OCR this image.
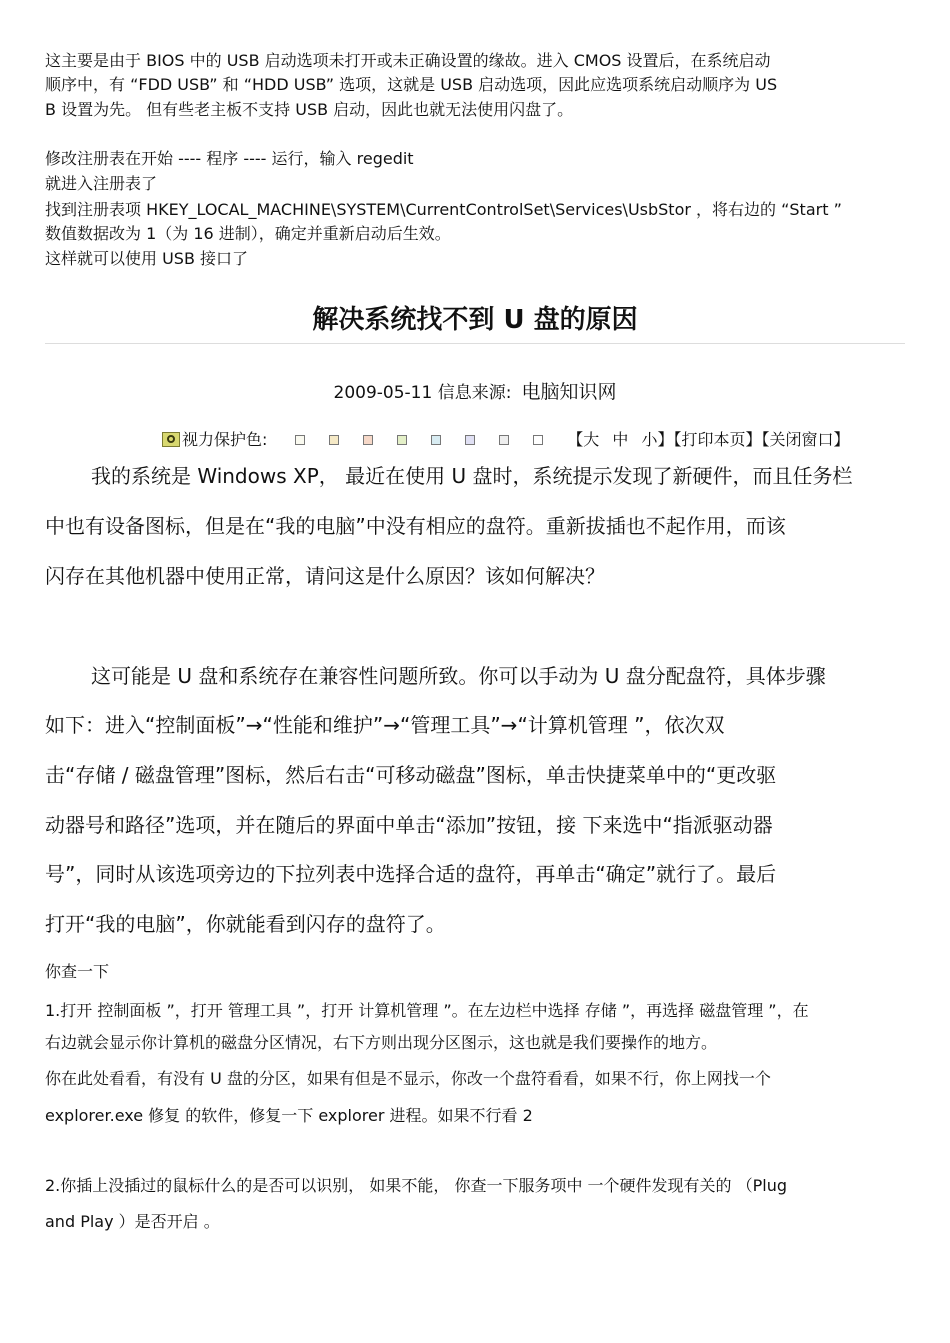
这主要是由于 BIOS 中的 USB 启动选项未打开或未正确设置的缘故。进入 CMOS 设置后，在系统启动

顺序中，有 “FDD USB” 和 “HDD USB” 选项，这就是 USB 启动选项，因此应选项系统启动顺序为 US

B 设置为先。 但有些老主板不支持 USB 启动，因此也就无法使用闪盘了。

修改注册表在开始 ---- 程序 ---- 运行，输入 regedit

就进入注册表了

找到注册表项 HKEY_LOCAL_MACHINE\SYSTEM\CurrentControlSet\Services\UsbStor ，将右边的 “Start ”

数值数据改为 1（为 16 进制），确定并重新启动后生效。

这样就可以使用 USB 接口了

解决系统找不到 U 盘的原因
2009-05-11 信息来源: 电脑知识网
视力保护色:	【大 中 小】【打印本页】【关闭窗口】

我的系统是 Windows XP， 最近在使用 U 盘时，系统提示发现了新硬件，而且任务栏

中也有设备图标，但是在“我的电脑”中没有相应的盘符。重新拔插也不起作用，而该

闪存在其他机器中使用正常，请问这是什么原因？该如何解决？

这可能是 U 盘和系统存在兼容性问题所致。你可以手动为 U 盘分配盘符，具体步骤

如下：进入“控制面板”→“性能和维护”→“管理工具”→“计算机管理 ”，依次双

击“存储 / 磁盘管理”图标，然后右击“可移动磁盘”图标，单击快捷菜单中的“更改驱

动器号和路径”选项，并在随后的界面中单击“添加”按钮，接 下来选中“指派驱动器

号”，同时从该选项旁边的下拉列表中选择合适的盘符，再单击“确定”就行了。最后

打开“我的电脑”，你就能看到闪存的盘符了。

你查一下

1.打开 控制面板 ”，打开 管理工具 ”，打开 计算机管理 ”。在左边栏中选择 存储 ”，再选择 磁盘管理 ”，在

右边就会显示你计算机的磁盘分区情况，右下方则出现分区图示，这也就是我们要操作的地方。

你在此处看看，有没有 U 盘的分区，如果有但是不显示，你改一个盘符看看，如果不行，你上网找一个

explorer.exe 修复 的软件，修复一下 explorer 进程。如果不行看 2

2.你插上没插过的鼠标什么的是否可以识别， 如果不能， 你查一下服务项中 一个硬件发现有关的 （Plug

and Play ）是否开启 。
